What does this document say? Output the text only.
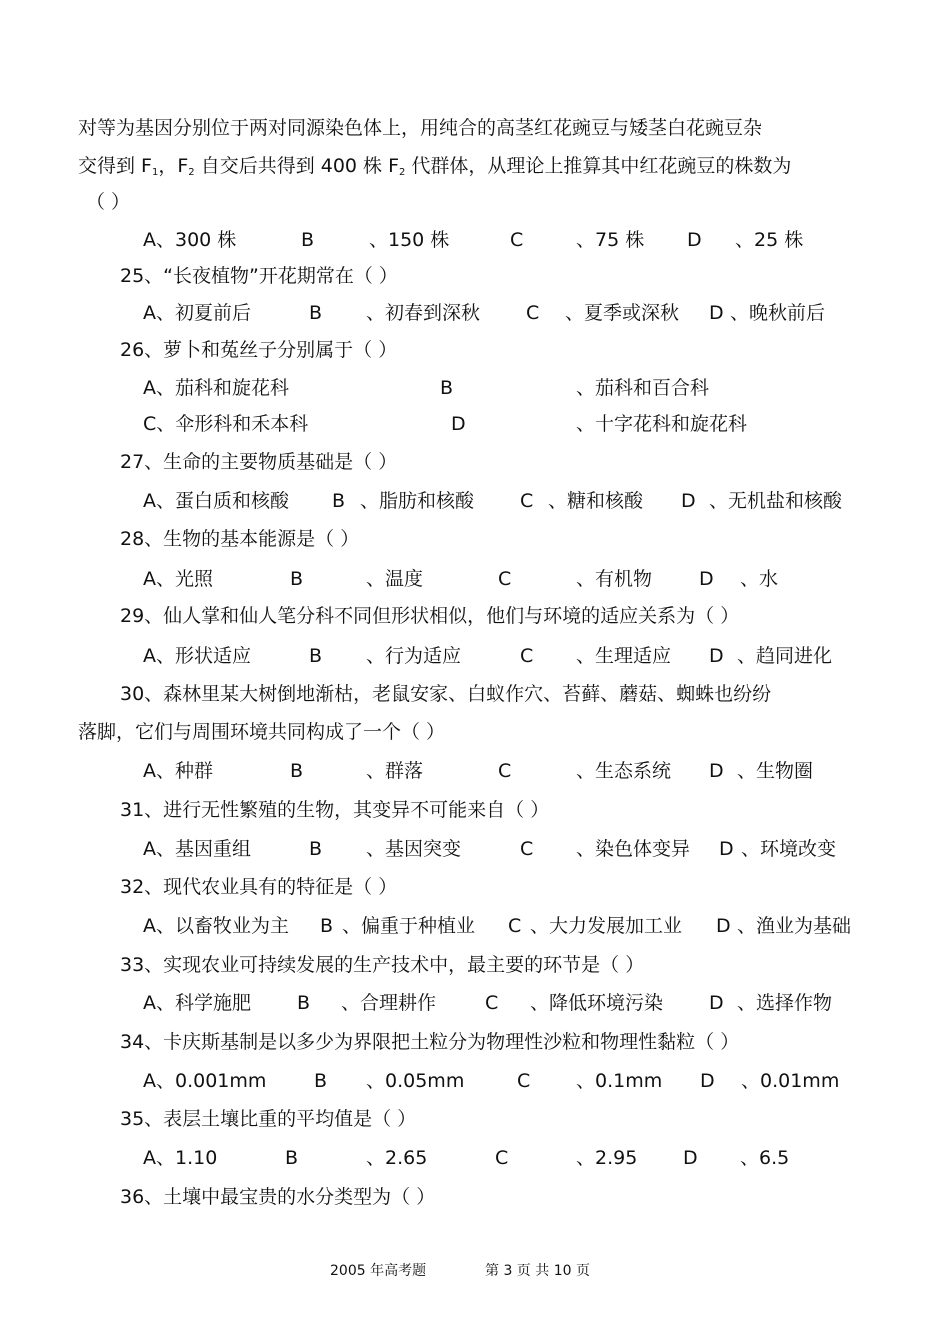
对等为基因分别位于两对同源染色体上，用纯合的高茎红花豌豆与矮茎白花豌豆杂
交得到 F1，F2 自交后共得到 400 株 F2 代群体，从理论上推算其中红花豌豆的株数为
（ ）
A、300 株	B	、150 株	C	、75 株 D 、25 株
25、“长夜植物”开花期常在（ ）
A、初夏前后	B 、初春到深秋 C 、夏季或深秋 D 、晚秋前后
26、萝卜和菟丝子分别属于（ ）
A、茄科和旋花科	B	、茄科和百合科
C、伞形科和禾本科	D	、十字花科和旋花科
27、生命的主要物质基础是（ ）
A、蛋白质和核酸 B 、脂肪和核酸 C 、糖和核酸 D 、无机盐和核酸
28、生物的基本能源是（ ）
A、光照	B	、温度	C	、有机物 D 、水
29、仙人掌和仙人笔分科不同但形状相似，他们与环境的适应关系为（ ）
A、形状适应	B 、行为适应	C 、生理适应 D 、趋同进化
30、森林里某大树倒地渐枯，老鼠安家、白蚁作穴、苔藓、蘑菇、蜘蛛也纷纷
落脚，它们与周围环境共同构成了一个（ ）
A、种群	B	、群落	C	、生态系统 D 、生物圈
31、进行无性繁殖的生物，其变异不可能来自（ ）
A、基因重组	B 、基因突变	C 、染色体变异 D 、环境改变
32、现代农业具有的特征是（ ）
A、以畜牧业为主 B 、偏重于种植业 C 、大力发展加工业 D 、渔业为基础
33、实现农业可持续发展的生产技术中，最主要的环节是（ ）
A、科学施肥 B 、合理耕作	C 、降低环境污染 D 、选择作物
34、卡庆斯基制是以多少为界限把土粒分为物理性沙粒和物理性黏粒（ ）
A、0.001mm	B 、0.05mm	C 、0.1mm D 、0.01mm
35、表层土壤比重的平均值是（ ）
A、1.10	B	、2.65	C	、2.95 D 、6.5
36、土壤中最宝贵的水分类型为（ ）
2005 年高考题	第 3 页 共 10 页
